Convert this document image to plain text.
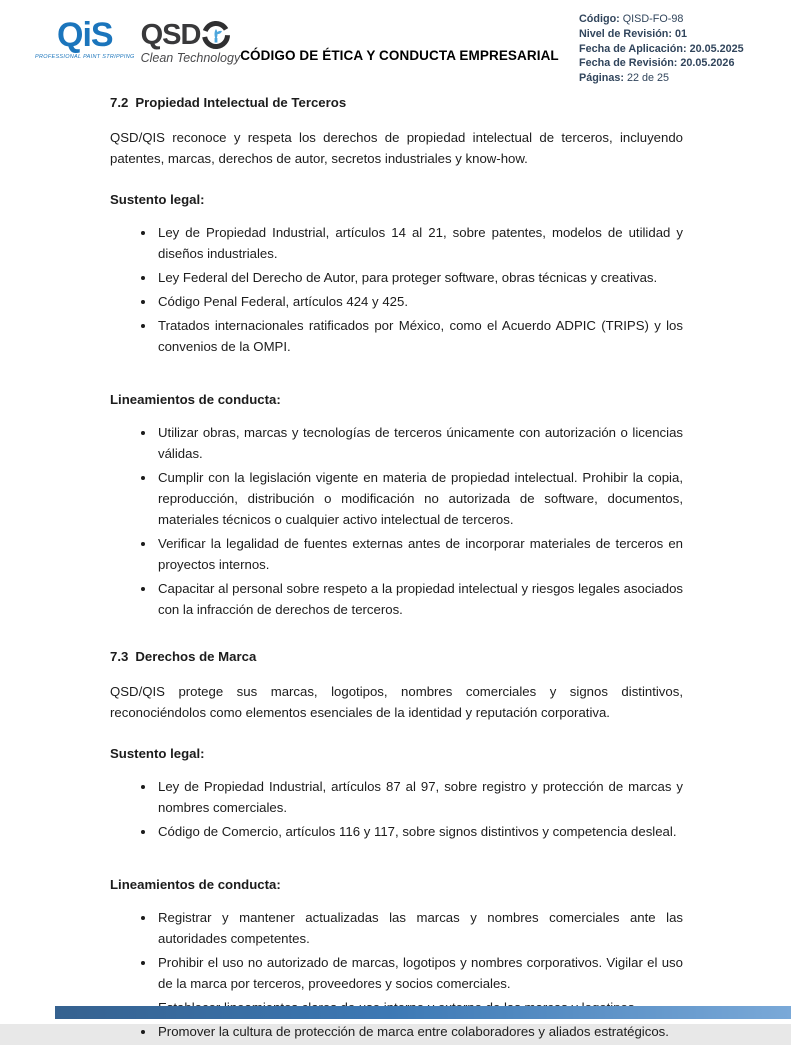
QiS
PROFESSIONAL PAINT STRIPPING
QSD
Clean Technology CÓDIGO DE ÉTICA Y CONDUCTA EMPRESARIAL
Código: QISD-FO-98
Nivel de Revisión: 01
Fecha de Aplicación: 20.05.2025
Fecha de Revisión: 20.05.2026
Páginas: 22 de 25

7.2 Propiedad Intelectual de Terceros

QSD/QIS reconoce y respeta los derechos de propiedad intelectual de terceros, incluyendo patentes, marcas, derechos de autor, secretos industriales y know-how.

Sustento legal:

• Ley de Propiedad Industrial, artículos 14 al 21, sobre patentes, modelos de utilidad y diseños industriales.
• Ley Federal del Derecho de Autor, para proteger software, obras técnicas y creativas.
• Código Penal Federal, artículos 424 y 425.
• Tratados internacionales ratificados por México, como el Acuerdo ADPIC (TRIPS) y los convenios de la OMPI.

Lineamientos de conducta:

• Utilizar obras, marcas y tecnologías de terceros únicamente con autorización o licencias válidas.
• Cumplir con la legislación vigente en materia de propiedad intelectual. Prohibir la copia, reproducción, distribución o modificación no autorizada de software, documentos, materiales técnicos o cualquier activo intelectual de terceros.
• Verificar la legalidad de fuentes externas antes de incorporar materiales de terceros en proyectos internos.
• Capacitar al personal sobre respeto a la propiedad intelectual y riesgos legales asociados con la infracción de derechos de terceros.

7.3 Derechos de Marca

QSD/QIS protege sus marcas, logotipos, nombres comerciales y signos distintivos, reconociéndolos como elementos esenciales de la identidad y reputación corporativa.

Sustento legal:

• Ley de Propiedad Industrial, artículos 87 al 97, sobre registro y protección de marcas y nombres comerciales.
• Código de Comercio, artículos 116 y 117, sobre signos distintivos y competencia desleal.

Lineamientos de conducta:

• Registrar y mantener actualizadas las marcas y nombres comerciales ante las autoridades competentes.
• Prohibir el uso no autorizado de marcas, logotipos y nombres corporativos. Vigilar el uso de la marca por terceros, proveedores y socios comerciales.
•
• Promover la cultura de protección de marca entre colaboradores y aliados estratégicos.
